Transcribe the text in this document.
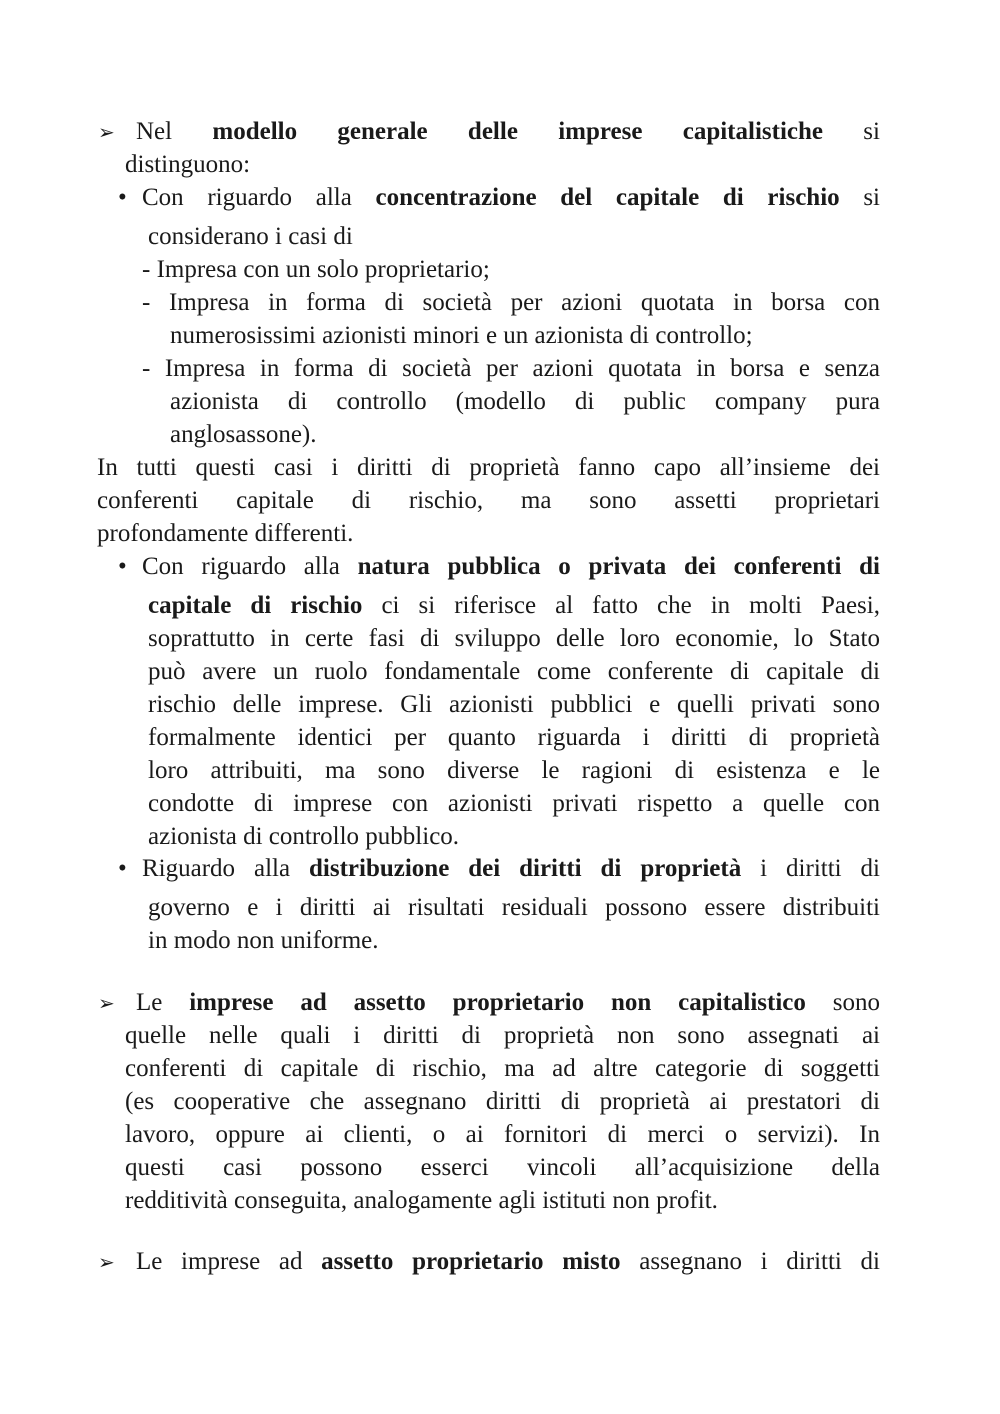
➢ Nel modello generale delle imprese capitalistiche si
distinguono:
• Con riguardo alla concentrazione del capitale di rischio si
considerano i casi di
- Impresa con un solo proprietario;
- Impresa in forma di società per azioni quotata in borsa con
numerosissimi azionisti minori e un azionista di controllo;
- Impresa in forma di società per azioni quotata in borsa e senza
azionista di controllo (modello di public company pura
anglosassone).
In tutti questi casi i diritti di proprietà fanno capo all’insieme dei
conferenti capitale di rischio, ma sono assetti proprietari
profondamente differenti.
• Con riguardo alla natura pubblica o privata dei conferenti di
capitale di rischio ci si riferisce al fatto che in molti Paesi,
soprattutto in certe fasi di sviluppo delle loro economie, lo Stato
può avere un ruolo fondamentale come conferente di capitale di
rischio delle imprese. Gli azionisti pubblici e quelli privati sono
formalmente identici per quanto riguarda i diritti di proprietà
loro attribuiti, ma sono diverse le ragioni di esistenza e le
condotte di imprese con azionisti privati rispetto a quelle con
azionista di controllo pubblico.
• Riguardo alla distribuzione dei diritti di proprietà i diritti di
governo e i diritti ai risultati residuali possono essere distribuiti
in modo non uniforme.
➢ Le imprese ad assetto proprietario non capitalistico sono
quelle nelle quali i diritti di proprietà non sono assegnati ai
conferenti di capitale di rischio, ma ad altre categorie di soggetti
(es cooperative che assegnano diritti di proprietà ai prestatori di
lavoro, oppure ai clienti, o ai fornitori di merci o servizi). In
questi casi possono esserci vincoli all’acquisizione della
redditività conseguita, analogamente agli istituti non profit.
➢ Le imprese ad assetto proprietario misto assegnano i diritti di
